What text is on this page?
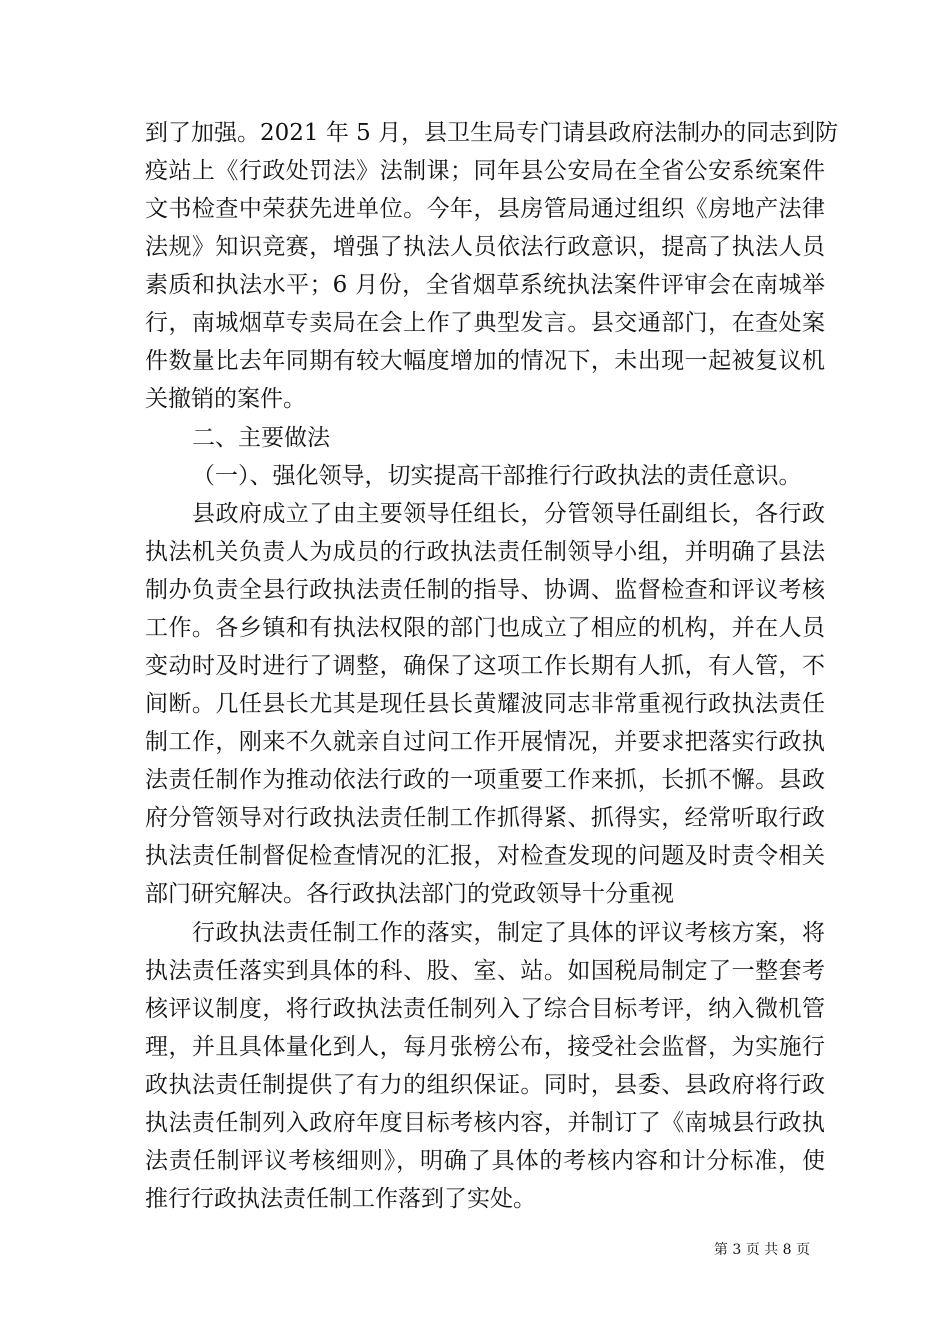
到了加强。2021 年 5 月，县卫生局专门请县政府法制办的同志到防
疫站上《行政处罚法》法制课；同年县公安局在全省公安系统案件
文书检查中荣获先进单位。今年，县房管局通过组织《房地产法律
法规》知识竞赛，增强了执法人员依法行政意识，提高了执法人员
素质和执法水平；6 月份，全省烟草系统执法案件评审会在南城举
行，南城烟草专卖局在会上作了典型发言。县交通部门，在查处案
件数量比去年同期有较大幅度增加的情况下，未出现一起被复议机
关撤销的案件。
二、主要做法
（一）、强化领导，切实提高干部推行行政执法的责任意识。
县政府成立了由主要领导任组长，分管领导任副组长，各行政
执法机关负责人为成员的行政执法责任制领导小组，并明确了县法
制办负责全县行政执法责任制的指导、协调、监督检查和评议考核
工作。各乡镇和有执法权限的部门也成立了相应的机构，并在人员
变动时及时进行了调整，确保了这项工作长期有人抓，有人管，不
间断。几任县长尤其是现任县长黄耀波同志非常重视行政执法责任
制工作，刚来不久就亲自过问工作开展情况，并要求把落实行政执
法责任制作为推动依法行政的一项重要工作来抓，长抓不懈。县政
府分管领导对行政执法责任制工作抓得紧、抓得实，经常听取行政
执法责任制督促检查情况的汇报，对检查发现的问题及时责令相关
部门研究解决。各行政执法部门的党政领导十分重视
行政执法责任制工作的落实，制定了具体的评议考核方案，将
执法责任落实到具体的科、股、室、站。如国税局制定了一整套考
核评议制度，将行政执法责任制列入了综合目标考评，纳入微机管
理，并且具体量化到人，每月张榜公布，接受社会监督，为实施行
政执法责任制提供了有力的组织保证。同时，县委、县政府将行政
执法责任制列入政府年度目标考核内容，并制订了《南城县行政执
法责任制评议考核细则》，明确了具体的考核内容和计分标准，使
推行行政执法责任制工作落到了实处。
第 3 页 共 8 页
